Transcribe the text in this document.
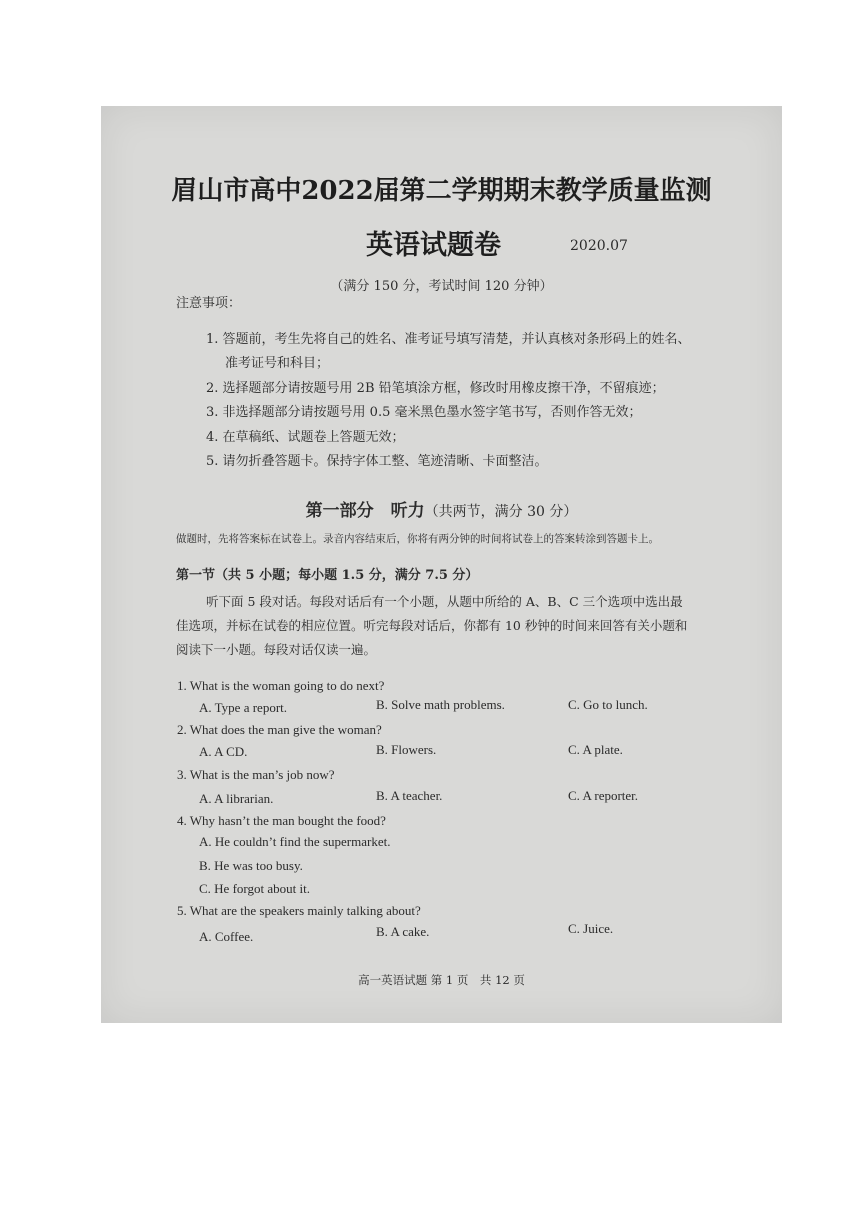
眉山市高中2022届第二学期期末教学质量监测
英语试题卷	2020.07
（满分 150 分，考试时间 120 分钟）
注意事项：
1. 答题前，考生先将自己的姓名、准考证号填写清楚，并认真核对条形码上的姓名、
准考证号和科目；
2. 选择题部分请按题号用 2B 铅笔填涂方框，修改时用橡皮擦干净，不留痕迹；
3. 非选择题部分请按题号用 0.5 毫米黑色墨水签字笔书写，否则作答无效；
4. 在草稿纸、试题卷上答题无效；
5. 请勿折叠答题卡。保持字体工整、笔迹清晰、卡面整洁。
第一部分　听力（共两节，满分 30 分）
做题时，先将答案标在试卷上。录音内容结束后，你将有两分钟的时间将试卷上的答案转涂到答题卡上。
第一节（共 5 小题；每小题 1.5 分，满分 7.5 分）
听下面 5 段对话。每段对话后有一个小题，从题中所给的 A、B、C 三个选项中选出最
佳选项，并标在试卷的相应位置。听完每段对话后，你都有 10 秒钟的时间来回答有关小题和
阅读下一小题。每段对话仅读一遍。
1. What is the woman going to do next?
A. Type a report.	B. Solve math problems.	C. Go to lunch.
2. What does the man give the woman?
A. A CD.	B. Flowers.	C. A plate.
3. What is the man’s job now?
A. A librarian.	B. A teacher.	C. A reporter.
4. Why hasn’t the man bought the food?
A. He couldn’t find the supermarket.
B. He was too busy.
C. He forgot about it.
5. What are the speakers mainly talking about?
A. Coffee.	B. A cake.	C. Juice.
高一英语试题 第 1 页　共 12 页
